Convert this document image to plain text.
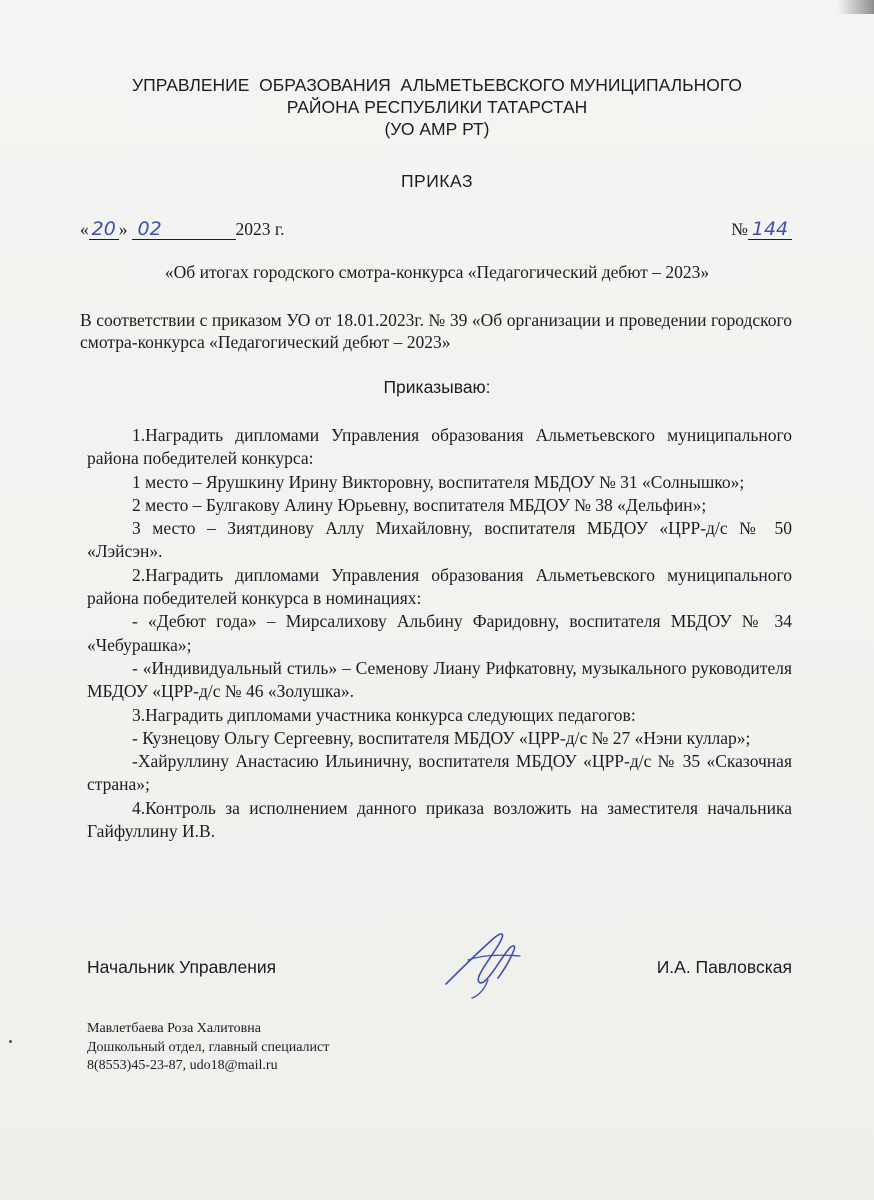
УПРАВЛЕНИЕ  ОБРАЗОВАНИЯ  АЛЬМЕТЬЕВСКОГО МУНИЦИПАЛЬНОГО
РАЙОНА РЕСПУБЛИКИ ТАТАРСТАН
(УО АМР РТ)
ПРИКАЗ
« 20 » 02	2023 г.	№ 144
«Об итогах городского смотра-конкурса «Педагогический дебют – 2023»
В соответствии с приказом УО от 18.01.2023г. № 39 «Об организации и проведении городского смотра-конкурса «Педагогический дебют – 2023»
Приказываю:

1.Наградить дипломами Управления образования Альметьевского муниципального района победителей конкурса:

1 место – Ярушкину Ирину Викторовну, воспитателя МБДОУ № 31 «Солнышко»;

2 место – Булгакову Алину Юрьевну, воспитателя МБДОУ № 38 «Дельфин»;

3 место – Зиятдинову Аллу Михайловну, воспитателя МБДОУ «ЦРР-д/с № 50 «Лэйсэн».

2.Наградить дипломами Управления образования Альметьевского муниципального района победителей конкурса в номинациях:

- «Дебют года» – Мирсалихову Альбину Фаридовну, воспитателя МБДОУ № 34 «Чебурашка»;

- «Индивидуальный стиль» – Семенову Лиану Рифкатовну, музыкального руководителя МБДОУ «ЦРР-д/с № 46 «Золушка».

3.Наградить дипломами участника конкурса следующих педагогов:

- Кузнецову Ольгу Сергеевну, воспитателя МБДОУ «ЦРР-д/с № 27 «Нэни куллар»;

-Хайруллину Анастасию Ильиничну, воспитателя МБДОУ «ЦРР-д/с № 35 «Сказочная страна»;

4.Контроль за исполнением данного приказа возложить на заместителя начальника Гайфуллину И.В.

Начальник Управления	И.А. Павловская
Мавлетбаева Роза Халитовна
Дошкольный отдел, главный специалист
8(8553)45-23-87, udo18@mail.ru
